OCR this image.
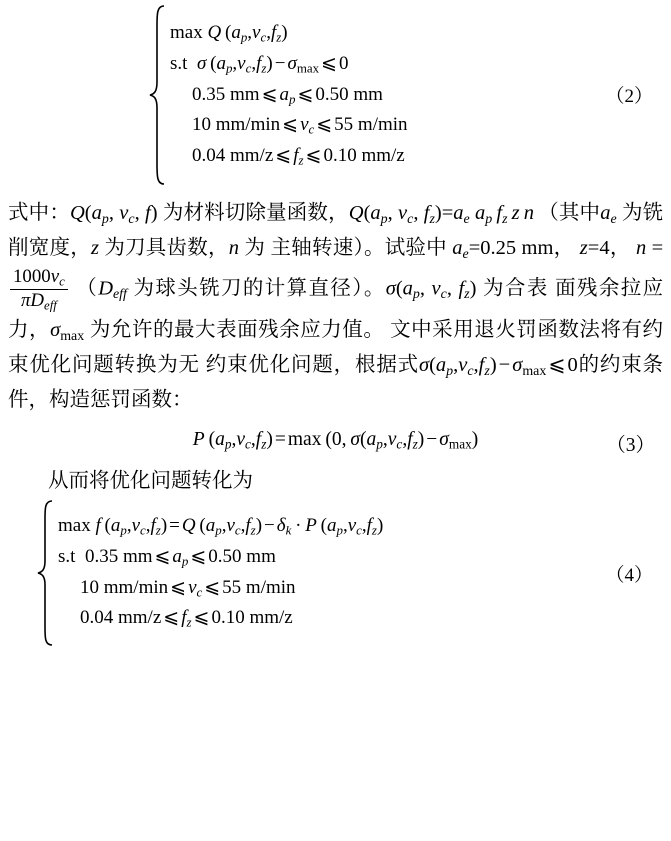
max Q $(a_p,v_c,f_z)$
s.t σ $(a_p,v_c,f_z) - \sigma_{max}$ ⩽ 0
0.35 mm ⩽ $a_p$ ⩽ 0.50 mm
10 mm/min ⩽ $v_c$ ⩽ 55 m/min
0.04 mm/z ⩽ $f_z$ ⩽ 0.10 mm/z
（2）

式中：$Q(a_p$, $v_c$, f) 为材料切除量函数，$Q(a_p$, $v_c$, $f_z)=a_e$ $a_p$  $f_z$  z  n  （其中$a_e$ 为铣削宽度，z 为刀具齿数，n 为 主轴转速）。试验中 $a_e=0.25$ mm， z=4， n =
$\frac{1000v_c}{\pi D_{eff}} (D_{eff}$ 为球头铣刀的计算直径）。$\sigma(a_p$, $v_c$, $f_z$) 为合表 面残余拉应力，$\sigma_{max}$ 为允许的最大表面残余应力值。 文中采用退火罚函数法将有约束优化问题转换为无 约束优化问题，根据式$\sigma(a_p,v_c,f_z)-\sigma_{max}⩽0$的约束条 件，构造惩罚函数：

P $(a_p,v_c,f_z) = \max (0$, $\sigma(a_p,v_c,f_z) - \sigma_{max}$)	（3）

从而将优化问题转化为

max f $(a_p,v_c,f_z) = Q$ $(a_p,v_c,f_z) - \delta_k \cdot P$ $(a_p,v_c,f_z)$
s.t  0.35 mm ⩽ $a_p$ ⩽ 0.50 mm
10 mm/min ⩽ $v_c$ ⩽ 55 m/min
0.04 mm/z ⩽ $f_z$ ⩽ 0.10 mm/z
（4）
